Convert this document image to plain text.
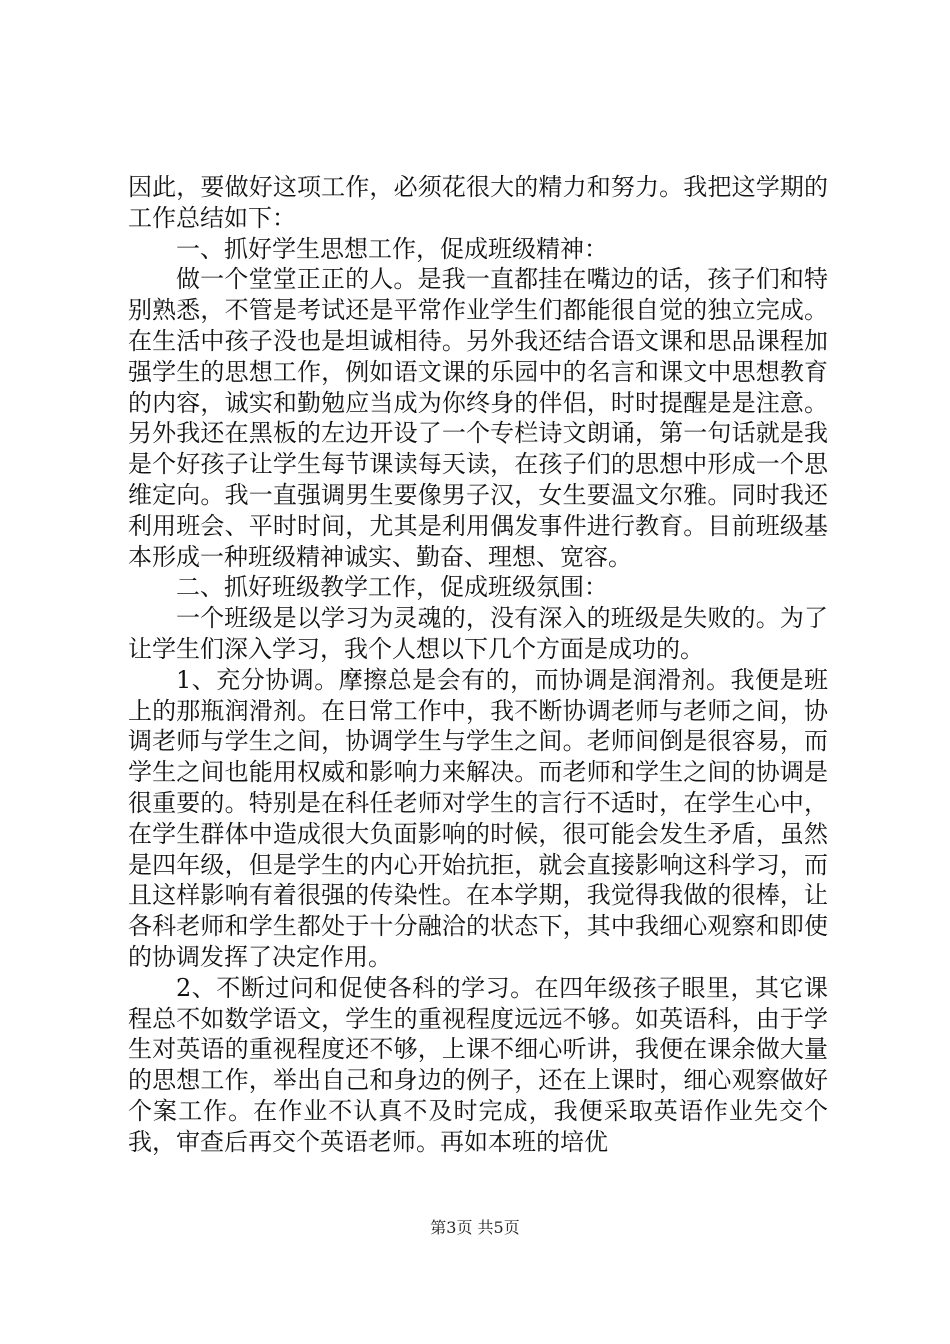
因此，要做好这项工作，必须花很大的精力和努力。我把这学期的工作总结如下：

一、抓好学生思想工作，促成班级精神：

做一个堂堂正正的人。是我一直都挂在嘴边的话，孩子们和特别熟悉，不管是考试还是平常作业学生们都能很自觉的独立完成。在生活中孩子没也是坦诚相待。另外我还结合语文课和思品课程加强学生的思想工作，例如语文课的乐园中的名言和课文中思想教育的内容，诚实和勤勉应当成为你终身的伴侣，时时提醒是是注意。另外我还在黑板的左边开设了一个专栏诗文朗诵，第一句话就是我是个好孩子让学生每节课读每天读，在孩子们的思想中形成一个思维定向。我一直强调男生要像男子汉，女生要温文尔雅。同时我还利用班会、平时时间，尤其是利用偶发事件进行教育。目前班级基本形成一种班级精神诚实、勤奋、理想、宽容。

二、抓好班级教学工作，促成班级氛围：

一个班级是以学习为灵魂的，没有深入的班级是失败的。为了让学生们深入学习，我个人想以下几个方面是成功的。

1、充分协调。摩擦总是会有的，而协调是润滑剂。我便是班上的那瓶润滑剂。在日常工作中，我不断协调老师与老师之间，协调老师与学生之间，协调学生与学生之间。老师间倒是很容易，而学生之间也能用权威和影响力来解决。而老师和学生之间的协调是很重要的。特别是在科任老师对学生的言行不适时，在学生心中，在学生群体中造成很大负面影响的时候，很可能会发生矛盾，虽然是四年级，但是学生的内心开始抗拒，就会直接影响这科学习，而且这样影响有着很强的传染性。在本学期，我觉得我做的很棒，让各科老师和学生都处于十分融洽的状态下，其中我细心观察和即使的协调发挥了决定作用。

2、不断过问和促使各科的学习。在四年级孩子眼里，其它课程总不如数学语文，学生的重视程度远远不够。如英语科，由于学生对英语的重视程度还不够，上课不细心听讲，我便在课余做大量的思想工作，举出自己和身边的例子，还在上课时，细心观察做好个案工作。在作业不认真不及时完成，我便采取英语作业先交个我，审查后再交个英语老师。再如本班的培优

第3页 共5页
